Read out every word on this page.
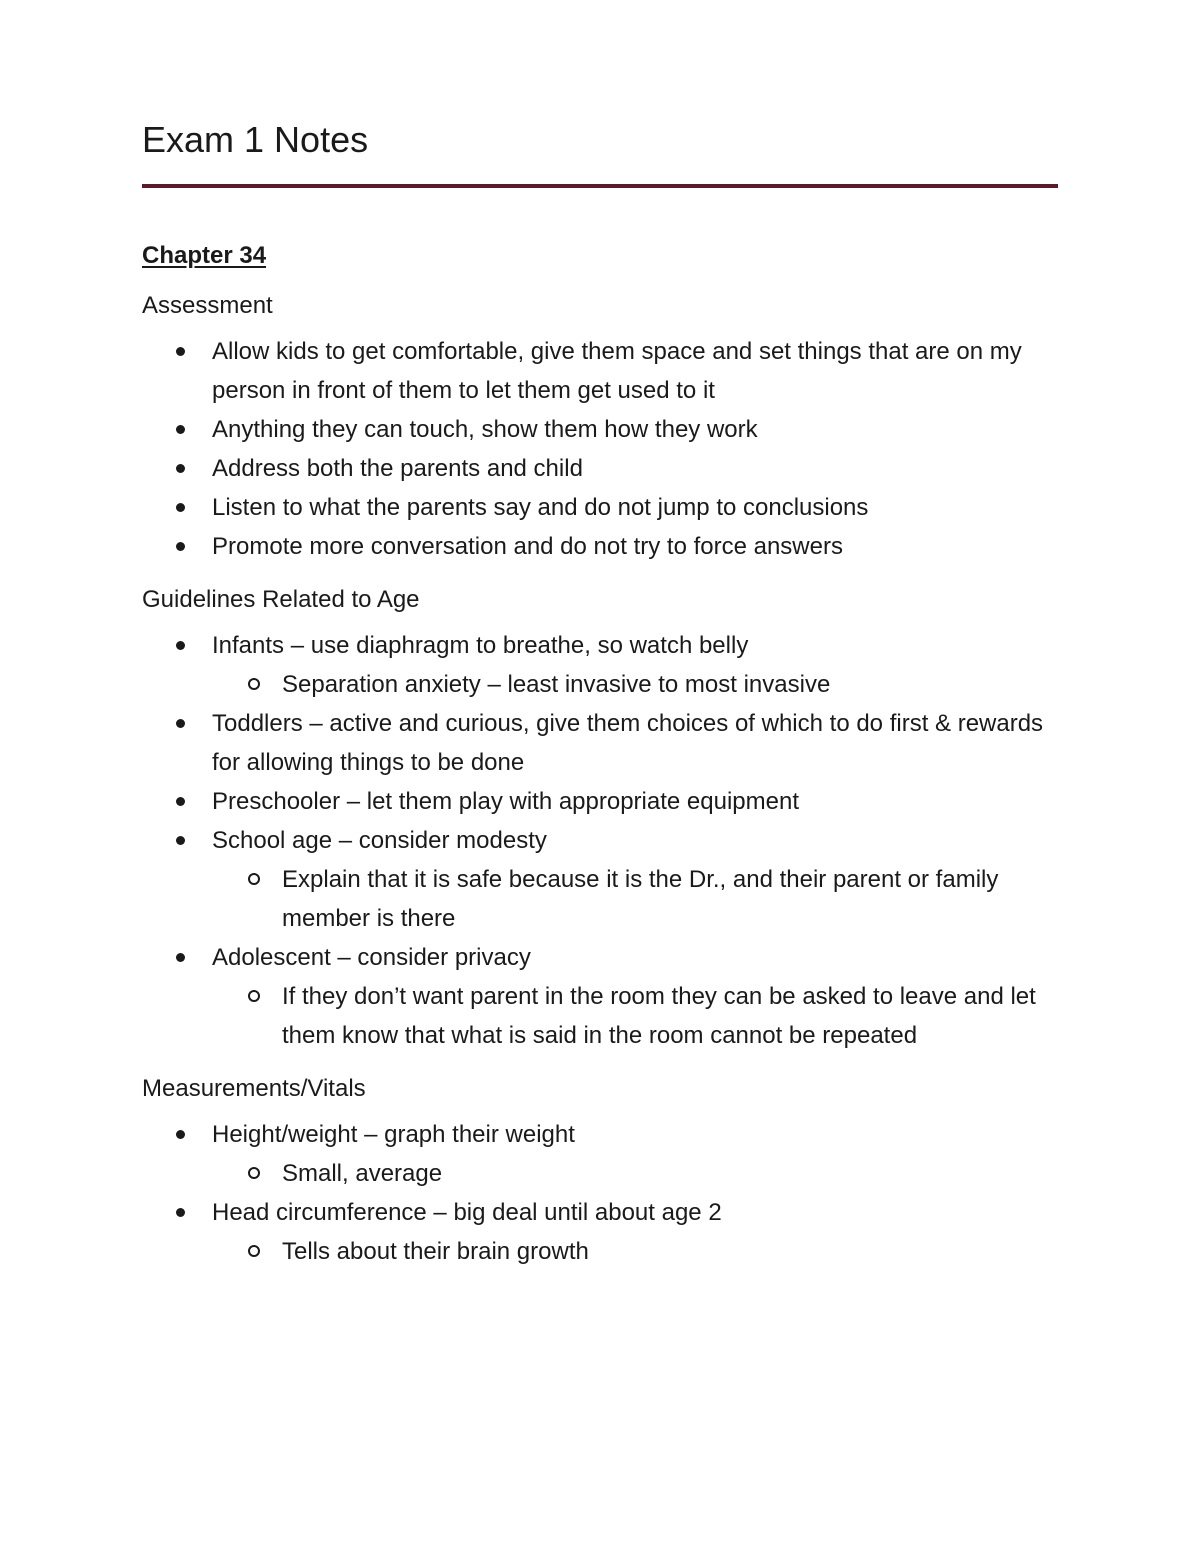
Exam 1 Notes
Chapter 34
Assessment
Allow kids to get comfortable, give them space and set things that are on my person in front of them to let them get used to it
Anything they can touch, show them how they work
Address both the parents and child
Listen to what the parents say and do not jump to conclusions
Promote more conversation and do not try to force answers
Guidelines Related to Age
Infants – use diaphragm to breathe, so watch belly
Separation anxiety – least invasive to most invasive
Toddlers – active and curious, give them choices of which to do first & rewards for allowing things to be done
Preschooler – let them play with appropriate equipment
School age – consider modesty
Explain that it is safe because it is the Dr., and their parent or family member is there
Adolescent – consider privacy
If they don’t want parent in the room they can be asked to leave and let them know that what is said in the room cannot be repeated
Measurements/Vitals
Height/weight – graph their weight
Small, average
Head circumference – big deal until about age 2
Tells about their brain growth
